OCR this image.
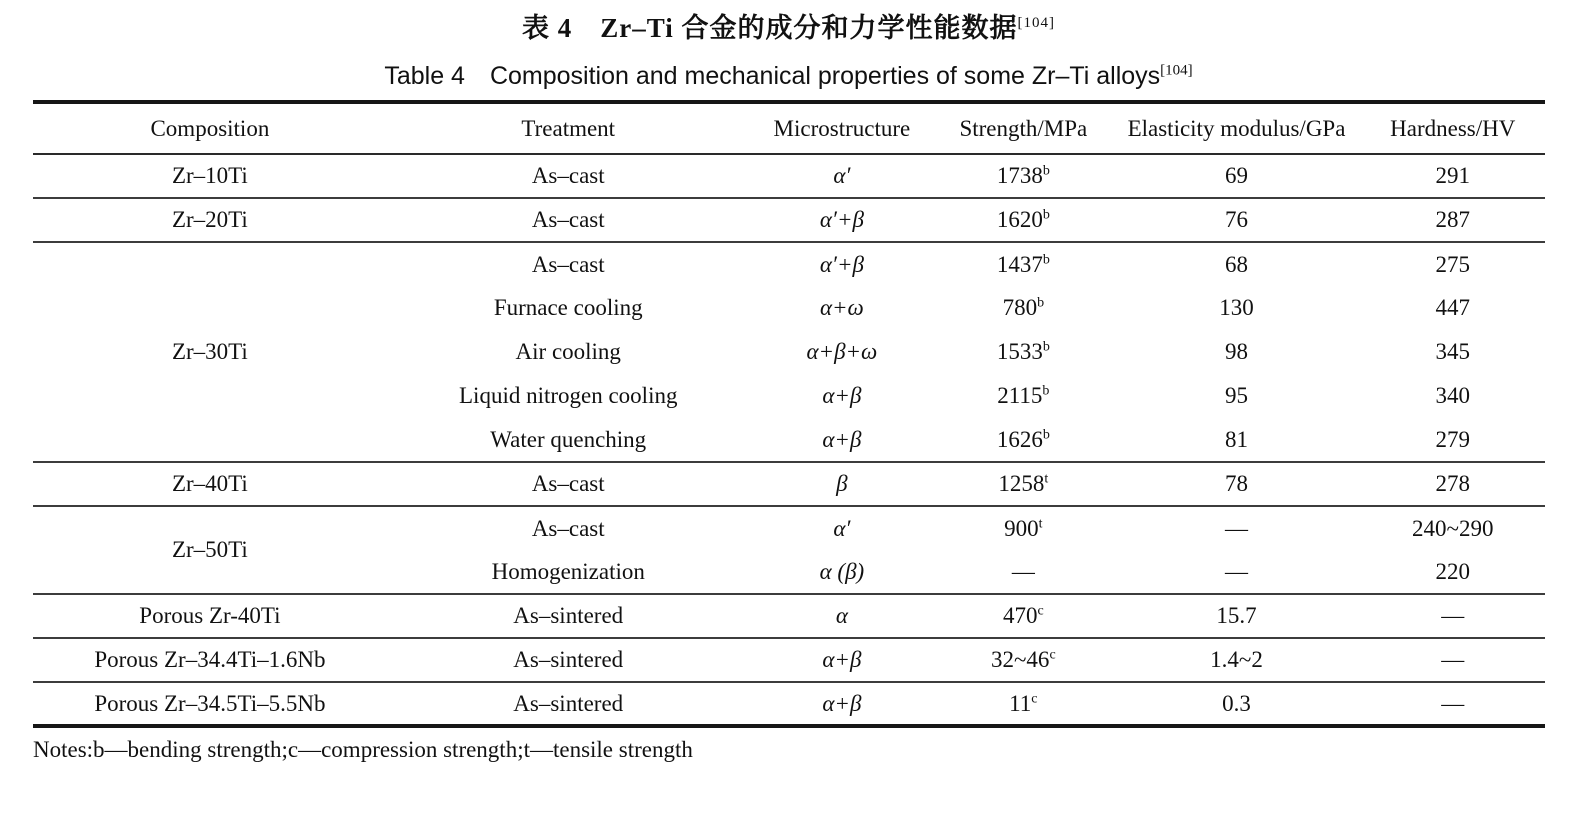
表 4　Zr–Ti 合金的成分和力学性能数据[104]
Table 4　Composition and mechanical properties of some Zr–Ti alloys[104]
Composition	Treatment	Microstructure	Strength/MPa	Elasticity modulus/GPa	Hardness/HV
Zr–10Ti	As–cast	α′	1738$^b$	69	291
Zr–20Ti	As–cast	α′+β	1620$^b$	76	287
Zr–30Ti	As–cast	α′+β	1437$^b$	68	275
	Furnace cooling	α+ω	780$^b$	130	447
	Air cooling	α+β+ω	1533$^b$	98	345
	Liquid nitrogen cooling	α+β	2115$^b$	95	340
	Water quenching	α+β	1626$^b$	81	279
Zr–40Ti	As–cast	β	1258$^t$	78	278
Zr–50Ti	As–cast	α′	900$^t$	—	240~290
	Homogenization	α (β)	—	—	220
Porous Zr-40Ti	As–sintered	α	470$^c$	15.7	—
Porous Zr–34.4Ti–1.6Nb	As–sintered	α+β	32~46$^c$	1.4~2	—
Porous Zr–34.5Ti–5.5Nb	As–sintered	α+β	11$^c$	0.3	—
Notes:b—bending strength;c—compression strength;t—tensile strength
